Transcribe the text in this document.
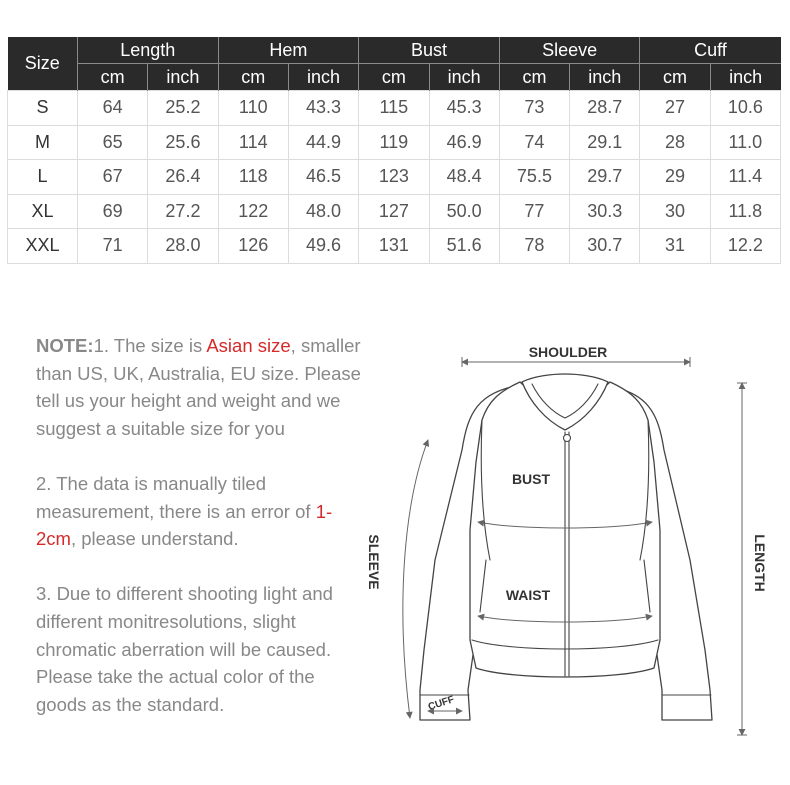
Size	Length		Hem		Bust		Sleeve		Cuff	
	cm	inch	cm	inch	cm	inch	cm	inch	cm	inch
S	64	25.2	110	43.3	115	45.3	73	28.7	27	10.6
M	65	25.6	114	44.9	119	46.9	74	29.1	28	11.0
L	67	26.4	118	46.5	123	48.4	75.5	29.7	29	11.4
XL	69	27.2	122	48.0	127	50.0	77	30.3	30	11.8
XXL	71	28.0	126	49.6	131	51.6	78	30.7	31	12.2

NOTE:1. The size is Asian size, smaller than US, UK, Australia, EU size. Please tell us your height and weight and we suggest a suitable size for you

2. The data is manually tiled measurement, there is an error of 1-2cm, please understand.

3. Due to different shooting light and different monitresolutions, slight chromatic aberration will be caused. Please take the actual color of the goods as the standard.

SHOULDER
BUST
WAIST
SLEEVE	LENGTH
CUFF
